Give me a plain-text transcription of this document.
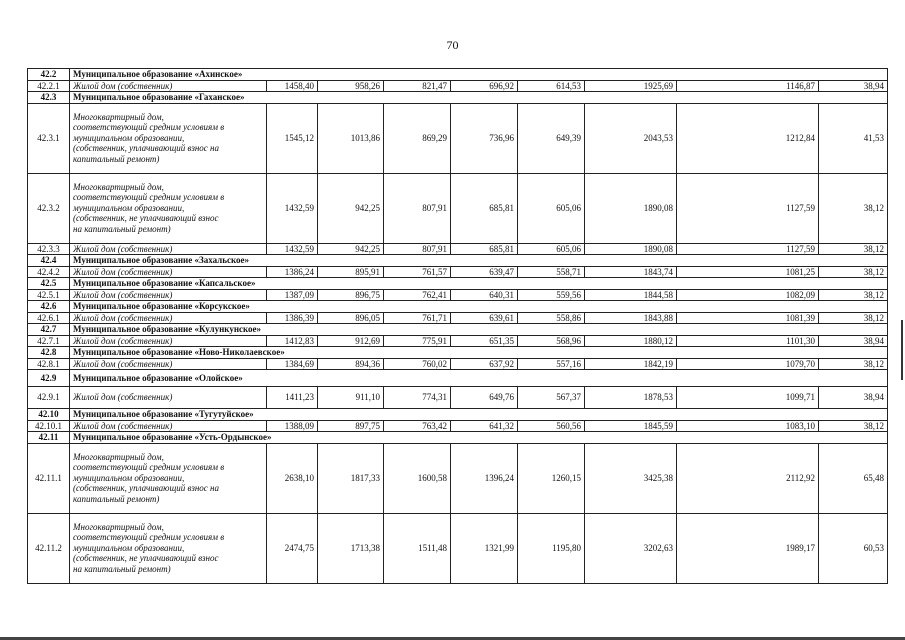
70
42.2	Муниципальное образование «Ахинское»								
42.2.1	Жилой дом (собственник)	1458,40	958,26	821,47	696,92	614,53	1925,69	1146,87	38,94
42.3	Муниципальное образование «Гаханское»								
42.3.1	Многоквартирный дом,
соответствующий средним условиям в
муниципальном образовании,
(собственник, уплачивающий взнос на
капитальный ремонт)	1545,12	1013,86	869,29	736,96	649,39	2043,53	1212,84	41,53
42.3.2	Многоквартирный дом,
соответствующий средним условиям в
муниципальном образовании,
(собственник, не уплачивающий взнос
на капитальный ремонт)	1432,59	942,25	807,91	685,81	605,06	1890,08	1127,59	38,12
42.3.3	Жилой дом (собственник)	1432,59	942,25	807,91	685,81	605,06	1890,08	1127,59	38,12
42.4	Муниципальное образование «Захальское»								
42.4.2	Жилой дом (собственник)	1386,24	895,91	761,57	639,47	558,71	1843,74	1081,25	38,12
42.5	Муниципальное образование «Капсальское»								
42.5.1	Жилой дом (собственник)	1387,09	896,75	762,41	640,31	559,56	1844,58	1082,09	38,12
42.6	Муниципальное образование «Корсукское»								
42.6.1	Жилой дом (собственник)	1386,39	896,05	761,71	639,61	558,86	1843,88	1081,39	38,12
42.7	Муниципальное образование «Кулункунское»								
42.7.1	Жилой дом (собственник)	1412,83	912,69	775,91	651,35	568,96	1880,12	1101,30	38,94
42.8	Муниципальное образование «Ново-Николаевское»								
42.8.1	Жилой дом (собственник)	1384,69	894,36	760,02	637,92	557,16	1842,19	1079,70	38,12
42.9	Муниципальное образование «Олойское»								
42.9.1	Жилой дом (собственник)	1411,23	911,10	774,31	649,76	567,37	1878,53	1099,71	38,94
42.10	Муниципальное образование «Тугутуйское»								
42.10.1	Жилой дом (собственник)	1388,09	897,75	763,42	641,32	560,56	1845,59	1083,10	38,12
42.11	Муниципальное образование «Усть-Ордынское»								
42.11.1	Многоквартирный дом,
соответствующий средним условиям в
муниципальном образовании,
(собственник, уплачивающий взнос на
капитальный ремонт)	2638,10	1817,33	1600,58	1396,24	1260,15	3425,38	2112,92	65,48
42.11.2	Многоквартирный дом,
соответствующий средним условиям в
муниципальном образовании,
(собственник, не уплачивающий взнос
на капитальный ремонт)	2474,75	1713,38	1511,48	1321,99	1195,80	3202,63	1989,17	60,53
